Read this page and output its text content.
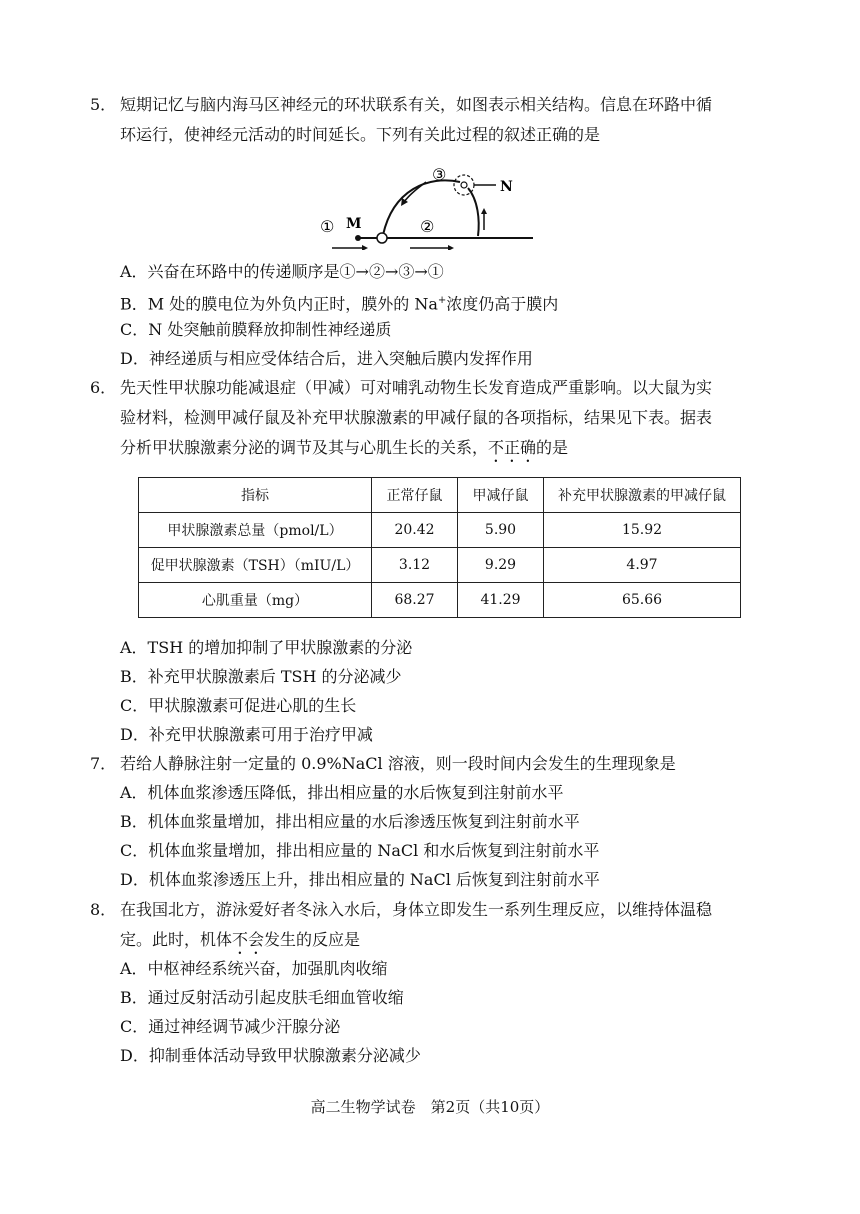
5． 短期记忆与脑内海马区神经元的环状联系有关，如图表示相关结构。信息在环路中循
环运行，使神经元活动的时间延长。下列有关此过程的叙述正确的是
① M	②
③
N
A．兴奋在环路中的传递顺序是①→②→③→①
B．M 处的膜电位为外负内正时，膜外的 Na+浓度仍高于膜内
C．N 处突触前膜释放抑制性神经递质
D．神经递质与相应受体结合后，进入突触后膜内发挥作用
6． 先天性甲状腺功能减退症（甲减）可对哺乳动物生长发育造成严重影响。以大鼠为实
验材料，检测甲减仔鼠及补充甲状腺激素的甲减仔鼠的各项指标，结果见下表。据表
分析甲状腺激素分泌的调节及其与心肌生长的关系，不正确的是
指标	正常仔鼠	甲减仔鼠	补充甲状腺激素的甲减仔鼠
甲状腺激素总量（pmol/L）	20.42	5.90	15.92
促甲状腺激素（TSH）（mIU/L）	3.12	9.29	4.97
心肌重量（mg）	68.27	41.29	65.66
A．TSH 的增加抑制了甲状腺激素的分泌
B．补充甲状腺激素后 TSH 的分泌减少
C．甲状腺激素可促进心肌的生长
D．补充甲状腺激素可用于治疗甲减
7． 若给人静脉注射一定量的 0.9%NaCl 溶液，则一段时间内会发生的生理现象是
A．机体血浆渗透压降低，排出相应量的水后恢复到注射前水平
B．机体血浆量增加，排出相应量的水后渗透压恢复到注射前水平
C．机体血浆量增加，排出相应量的 NaCl 和水后恢复到注射前水平
D．机体血浆渗透压上升，排出相应量的 NaCl 后恢复到注射前水平
8． 在我国北方，游泳爱好者冬泳入水后，身体立即发生一系列生理反应，以维持体温稳
定。此时，机体不会发生的反应是
A．中枢神经系统兴奋，加强肌肉收缩
B．通过反射活动引起皮肤毛细血管收缩
C．通过神经调节减少汗腺分泌
D．抑制垂体活动导致甲状腺激素分泌减少
高二生物学试卷　第2页（共10页）
